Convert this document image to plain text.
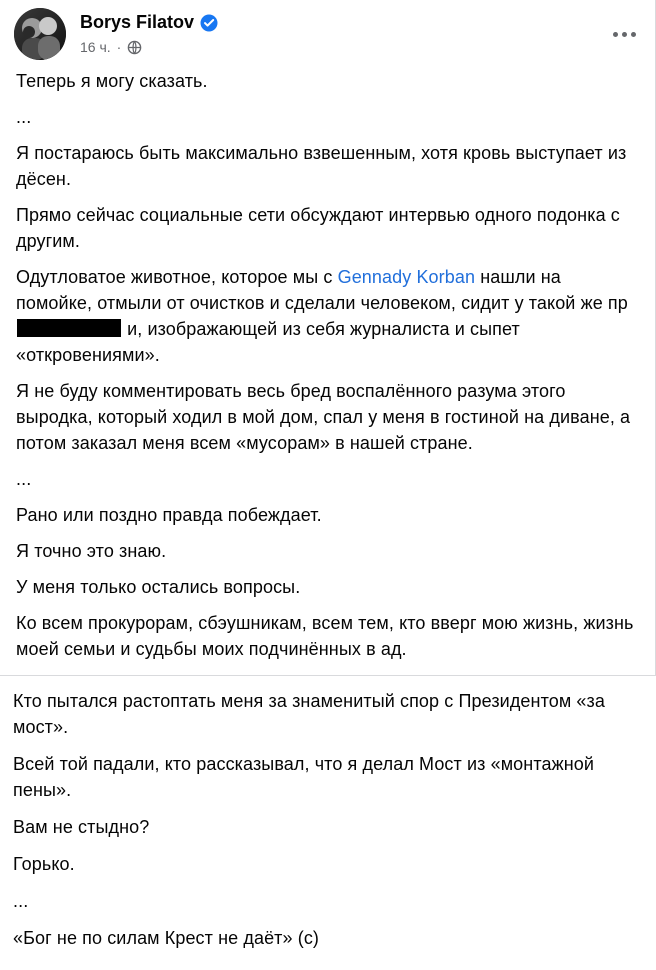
Borys Filatov
16 ч. ·

Теперь я могу сказать.

...

Я постараюсь быть максимально взвешенным, хотя кровь выступает из дёсен.

Прямо сейчас социальные сети обсуждают интервью одного подонка с другим.

Одутловатое животное, которое мы с Gennady Korban нашли на помойке, отмыли от очистков и сделали человеком, сидит у такой же пр  и, изображающей из себя журналиста и сыпет «откровениями».

Я не буду комментировать весь бред воспалённого разума этого выродка, который ходил в мой дом, спал у меня в гостиной на диване, а потом заказал меня всем «мусорам» в нашей стране.

...

Рано или поздно правда побеждает.

Я точно это знаю.

У меня только остались вопросы.

Ко всем прокурорам, сбэушникам, всем тем, кто вверг мою жизнь, жизнь моей семьи и судьбы моих подчинённых в ад.

Кто пытался растоптать меня за знаменитый спор с Президентом «за мост».

Всей той падали, кто рассказывал, что я делал Мост из «монтажной пены».

Вам не стыдно?

Горько.

...

«Бог не по силам Крест не даёт» (с)
